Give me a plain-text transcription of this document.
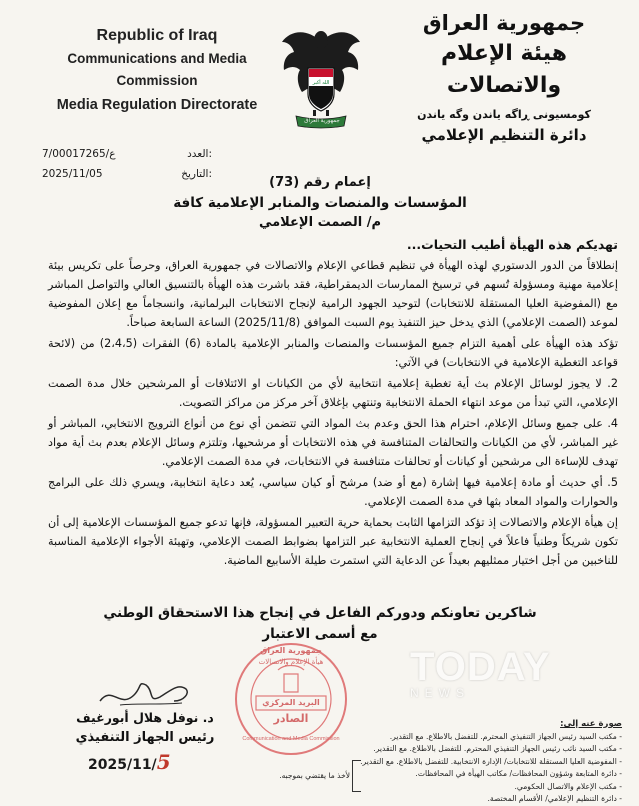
Republic of Iraq
Communications and Media
Commission
Media Regulation Directorate
الله أكبر
جمهورية العراق
جمهورية العراق
هيئة الإعلام والاتصالات
کومسیونی ڕاگه یاندن وگه یاندن
دائرة التنظيم الإعلامي
7/ع/00017265	العدد:
2025/11/05	التاريخ:
إعمام رقم (73)
المؤسسات والمنصات والمنابر الإعلامية كافة
م/ الصمت الإعلامي
تهديكم هذه الهيأة أطيب التحيات...

إنطلاقاً من الدور الدستوري لهذه الهيأة في تنظيم قطاعي الإعلام والاتصالات في جمهورية العراق، وحرصاً على تكريس بيئة إعلامية مهنية ومسؤولة تُسهم في ترسيخ الممارسات الديمقراطية، فقد باشرت هذه الهيأة بالتنسيق العالي والتواصل المباشر مع (المفوضية العليا المستقلة للانتخابات) لتوحيد الجهود الرامية لإنجاح الانتخابات البرلمانية، وانسجاماً مع إعلان المفوضية لموعد (الصمت الإعلامي) الذي يدخل حيز التنفيذ يوم السبت الموافق (2025/11/8) الساعة السابعة صباحاً.

تؤكد هذه الهيأة على أهمية التزام جميع المؤسسات والمنصات والمنابر الإعلامية بالمادة (6) الفقرات (2،4،5) من (لائحة قواعد التغطية الإعلامية في الانتخابات) في الآتي:

2. لا يجوز لوسائل الإعلام بث أية تغطية إعلامية انتخابية لأي من الكيانات او الائتلافات أو المرشحين خلال مدة الصمت الإعلامي، التي تبدأ من موعد انتهاء الحملة الانتخابية وتنتهي بإغلاق آخر مركز من مراكز التصويت.

4. على جميع وسائل الإعلام، احترام هذا الحق وعدم بث المواد التي تتضمن أي نوع من أنواع الترويج الانتخابي، المباشر أو غير المباشر، لأي من الكيانات والتحالفات المتنافسة في هذه الانتخابات أو مرشحيها، وتلتزم وسائل الإعلام بعدم بث أية مواد تهدف للإساءة الى مرشحين أو كيانات أو تحالفات متنافسة في الانتخابات، في مدة الصمت الإعلامي.

5. أي حديث أو مادة إعلامية فيها إشارة (مع أو ضد) مرشح أو كيان سياسي، يُعد دعاية انتخابية، ويسري ذلك على البرامج والحوارات والمواد المعاد بثها في مدة الصمت الإعلامي.

إن هيأة الإعلام والاتصالات إذ تؤكد التزامها الثابت بحماية حرية التعبير المسؤولة، فإنها تدعو جميع المؤسسات الإعلامية إلى أن تكون شريكاً وطنياً فاعلاً في إنجاح العملية الانتخابية عبر التزامها بضوابط الصمت الإعلامي، وتهيئة الأجواء الإعلامية المناسبة للناخبين من أجل اختيار ممثليهم بعيداً عن الدعاية التي استمرت طيلة الأسابيع الماضية.

شاكرين تعاونكم ودوركم الفاعل في إنجاح هذا الاستحقاق الوطني
مع أسمى الاعتبار
TODAY
NEWS
د. نوفل هلال أبورغيف
رئيس الجهاز التنفيذي
2025/11/5
جمهورية العراق
هيأة الإعلام والاتصالات
البريد المركزي
الصادر
Communication and Media Commission
صورة عنه إلى:
- مكتب السيد رئيس الجهاز التنفيذي المحترم. للتفضل بالاطلاع. مع التقدير.
- مكتب السيد نائب رئيس الجهاز التنفيذي المحترم. للتفضل بالاطلاع. مع التقدير.
- المفوضية العليا المستقلة للانتخابات/ الإدارة الانتخابية. للتفضل بالاطلاع. مع التقدير.
- دائرة المتابعة وشؤون المحافظات/ مكاتب الهيأة في المحافظات.
- مكتب الإعلام والاتصال الحكومي.
- دائرة التنظيم الإعلامي/ الأقسام المختصة.
لأخذ ما يقتضي بموجبه.
